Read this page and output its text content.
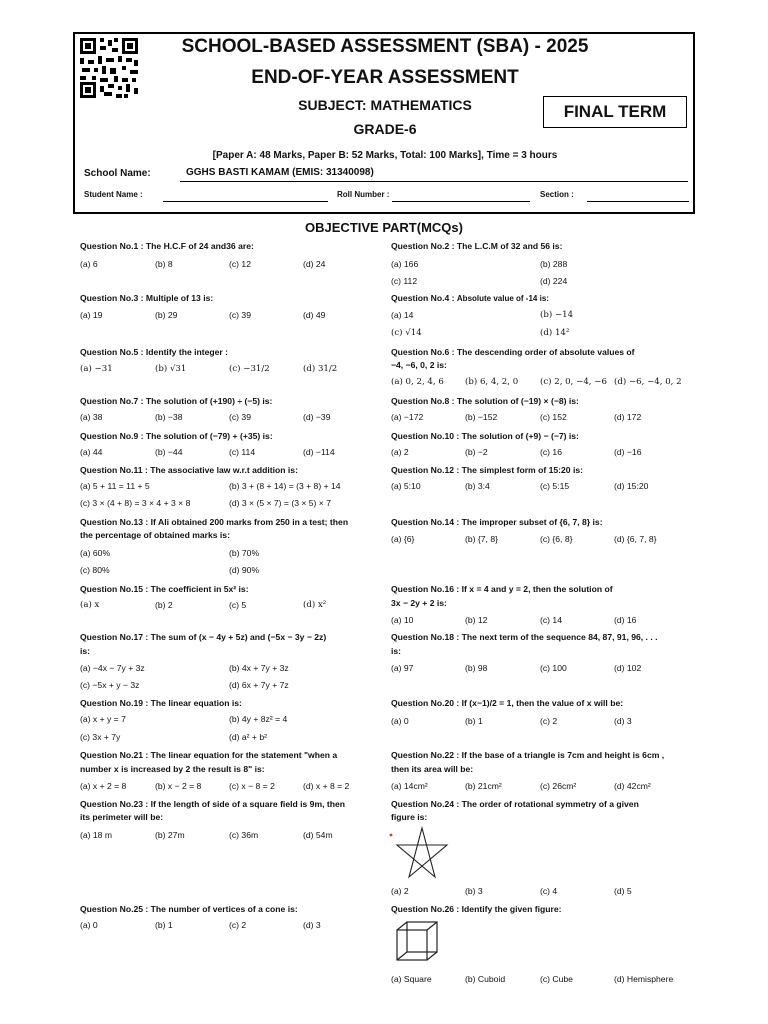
SCHOOL-BASED ASSESSMENT (SBA) - 2025
END-OF-YEAR ASSESSMENT
SUBJECT: MATHEMATICS
GRADE-6
FINAL TERM
[Paper A: 48 Marks, Paper B: 52 Marks, Total: 100 Marks], Time = 3 hours
School Name:	GGHS BASTI KAMAM (EMIS: 31340098)
Student Name :	Roll Number :	Section :
OBJECTIVE PART(MCQs)
Question No.1 : The H.C.F of 24 and36 are:
(a) 6	(b) 8	(c) 12	(d) 24
Question No.2 : The L.C.M of 32 and 56 is:
(a) 166	(b) 288
(c) 112	(d) 224
Question No.3 : Multiple of 13 is:
(a) 19	(b) 29	(c) 39	(d) 49
Question No.4 : Absolute value of -14 is:
(a) 14	(b) −14
(c) √14	(d) 14²
Question No.5 : Identify the integer :
(a) −31	(b) √31	(c) −31/2	(d) 31/2
Question No.6 : The descending order of absolute values of
−4, −6, 0, 2 is:
(a) 0, 2, 4, 6 (b) 6, 4, 2, 0	(c) 2, 0, −4, −6 (d) −6, −4, 0, 2
Question No.7 : The solution of (+190) ÷ (−5) is:
(a) 38	(b) −38	(c) 39	(d) −39
Question No.8 : The solution of (−19) × (−8) is:
(a) −172	(b) −152	(c) 152	(d) 172
Question No.9 : The solution of (−79) + (+35) is:
(a) 44	(b) −44	(c) 114	(d) −114
Question No.10 : The solution of (+9) − (−7) is:
(a) 2	(b) −2	(c) 16	(d) −16
Question No.11 : The associative law w.r.t addition is:
(a) 5 + 11 = 11 + 5	(b) 3 + (8 + 14) = (3 + 8) + 14
(c) 3 × (4 + 8) = 3 × 4 + 3 × 8	(d) 3 × (5 × 7) = (3 × 5) × 7
Question No.12 : The simplest form of 15:20 is:
(a) 5:10	(b) 3:4	(c) 5:15	(d) 15:20
Question No.13 : If Ali obtained 200 marks from 250 in a test; then
the percentage of obtained marks is:
(a) 60%	(b) 70%
(c) 80%	(d) 90%
Question No.14 : The improper subset of {6, 7, 8} is:
(a) {6}	(b) {7, 8}	(c) {6, 8}	(d) {6, 7, 8}
Question No.15 : The coefficient in 5x² is:
(a) x	(b) 2	(c) 5	(d) x²
Question No.16 : If x = 4 and y = 2, then the solution of
3x − 2y + 2 is:
(a) 10	(b) 12	(c) 14	(d) 16
Question No.17 : The sum of (x − 4y + 5z) and (−5x − 3y − 2z)
is:
(a) −4x − 7y + 3z	(b) 4x + 7y + 3z
(c) −5x + y − 3z	(d) 6x + 7y + 7z
Question No.18 : The next term of the sequence 84, 87, 91, 96, . . .
is:
(a) 97	(b) 98	(c) 100	(d) 102
Question No.19 : The linear equation is:
(a) x + y = 7	(b) 4y + 8z² = 4
(c) 3x + 7y	(d) a² + b²
Question No.20 : If (x−1)/2 = 1, then the value of x will be:
(a) 0	(b) 1	(c) 2	(d) 3
Question No.21 : The linear equation for the statement "when a
number x is increased by 2 the result is 8" is:
(a) x + 2 = 8	(b) x − 2 = 8	(c) x − 8 = 2	(d) x + 8 = 2
Question No.22 : If the base of a triangle is 7cm and height is 6cm ,
then its area will be:
(a) 14cm²	(b) 21cm²	(c) 26cm²	(d) 42cm²
Question No.23 : If the length of side of a square field is 9m, then
its perimeter will be:
(a) 18 m	(b) 27m	(c) 36m	(d) 54m
Question No.24 : The order of rotational symmetry of a given
figure is:
(a) 2	(b) 3	(c) 4	(d) 5
Question No.25 : The number of vertices of a cone is:
(a) 0	(b) 1	(c) 2	(d) 3
Question No.26 : Identify the given figure:
(a) Square	(b) Cuboid	(c) Cube	(d) Hemisphere
